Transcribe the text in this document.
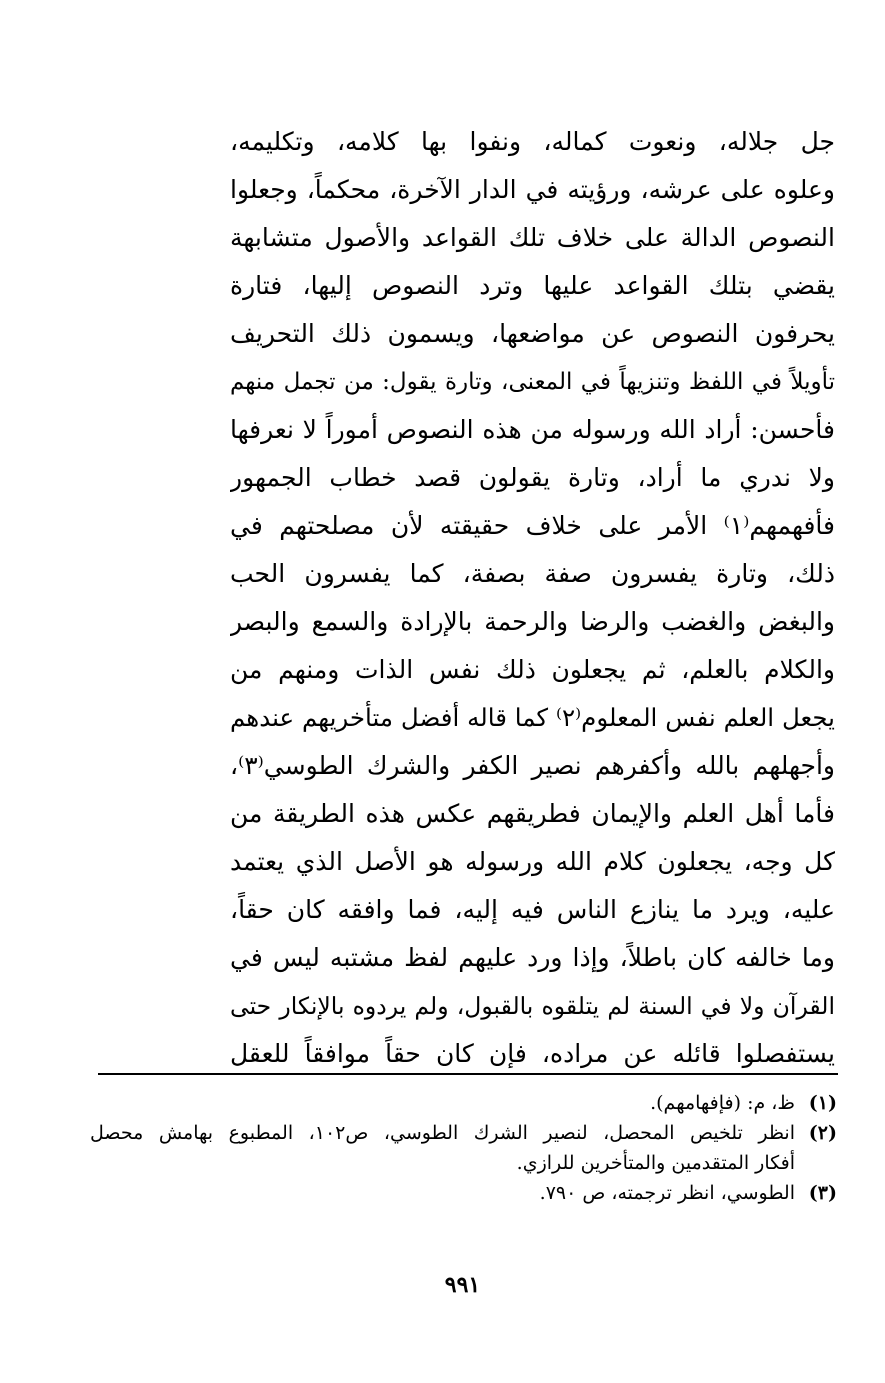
جل جلاله، ونعوت كماله، ونفوا بها كلامه، وتكليمه،
وعلوه على عرشه، ورؤيته في الدار الآخرة، محكماً، وجعلوا
النصوص الدالة على خلاف تلك القواعد والأصول متشابهة
يقضي بتلك القواعد عليها وترد النصوص إليها، فتارة
يحرفون النصوص عن مواضعها، ويسمون ذلك التحريف
تأويلاً في اللفظ وتنزيهاً في المعنى، وتارة يقول: من تجمل منهم
فأحسن: أراد الله ورسوله من هذه النصوص أموراً لا نعرفها
ولا ندري ما أراد، وتارة يقولون قصد خطاب الجمهور
فأفهمهم⁽١⁾ الأمر على خلاف حقيقته لأن مصلحتهم في
ذلك، وتارة يفسرون صفة بصفة، كما يفسرون الحب
والبغض والغضب والرضا والرحمة بالإرادة والسمع والبصر
والكلام بالعلم، ثم يجعلون ذلك نفس الذات ومنهم من
يجعل العلم نفس المعلوم⁽٢⁾ كما قاله أفضل متأخريهم عندهم
وأجهلهم بالله وأكفرهم نصير الكفر والشرك الطوسي⁽٣⁾،
فأما أهل العلم والإيمان فطريقهم عكس هذه الطريقة من
كل وجه، يجعلون كلام الله ورسوله هو الأصل الذي يعتمد
عليه، ويرد ما ينازع الناس فيه إليه، فما وافقه كان حقاً،
وما خالفه كان باطلاً، وإذا ورد عليهم لفظ مشتبه ليس في
القرآن ولا في السنة لم يتلقوه بالقبول، ولم يردوه بالإنكار حتى
يستفصلوا قائله عن مراده، فإن كان حقاً موافقاً للعقل
(١)
ظ، م: (فإفهامهم).
(٢)
انظر تلخيص المحصل، لنصير الشرك الطوسي، ص١٠٢، المطبوع بهامش محصل
أفكار المتقدمين والمتأخرين للرازي.
(٣)
الطوسي، انظر ترجمته، ص ٧٩٠.
٩٩١
